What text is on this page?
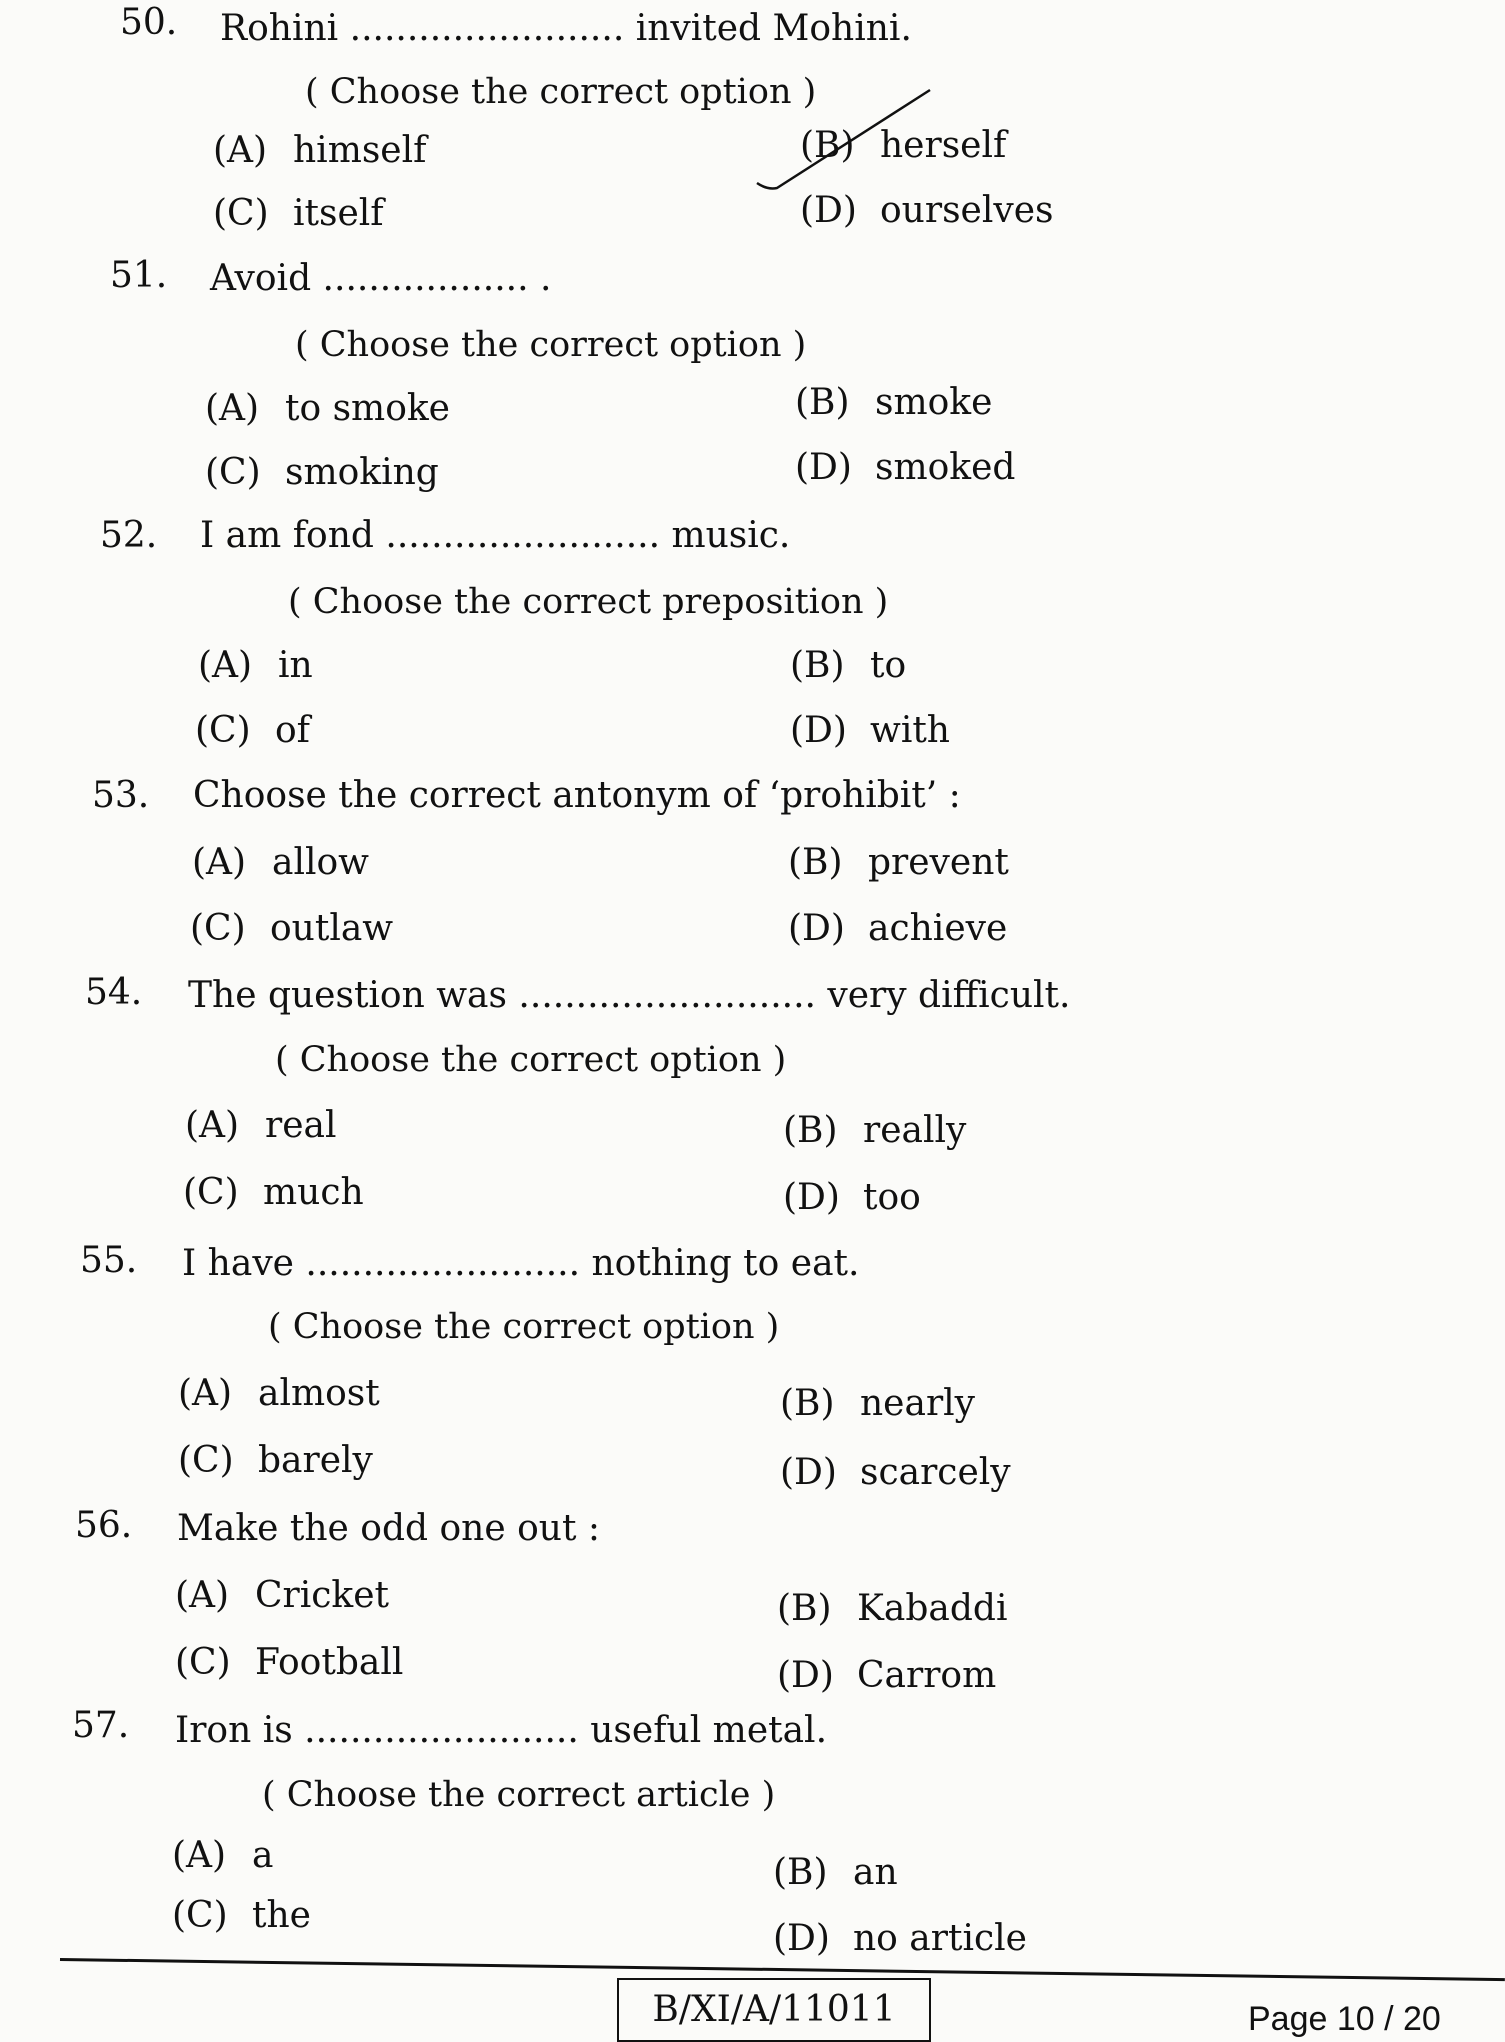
50. Rohini ........................ invited Mohini.
( Choose the correct option )
(A) himself	(B) herself
(C) itself	(D) ourselves
51. Avoid .................. .
( Choose the correct option )
(A) to smoke	(B) smoke
(C) smoking	(D) smoked
52. I am fond ........................ music.
( Choose the correct preposition )
(A) in	(B) to
(C) of	(D) with
53. Choose the correct antonym of ‘prohibit’ :
(A) allow	(B) prevent
(C) outlaw	(D) achieve
54. The question was .......................... very difficult.
( Choose the correct option )
(A) real	(B) really
(C) much	(D) too
55. I have ........................ nothing to eat.
( Choose the correct option )
(A) almost	(B) nearly
(C) barely	(D) scarcely
56. Make the odd one out :
(A) Cricket	(B) Kabaddi
(C) Football	(D) Carrom
57. Iron is ........................ useful metal.
( Choose the correct article )
(A) a	(B) an
(C) the
(D) no article
B/XI/A/11011	Page 10 / 20
